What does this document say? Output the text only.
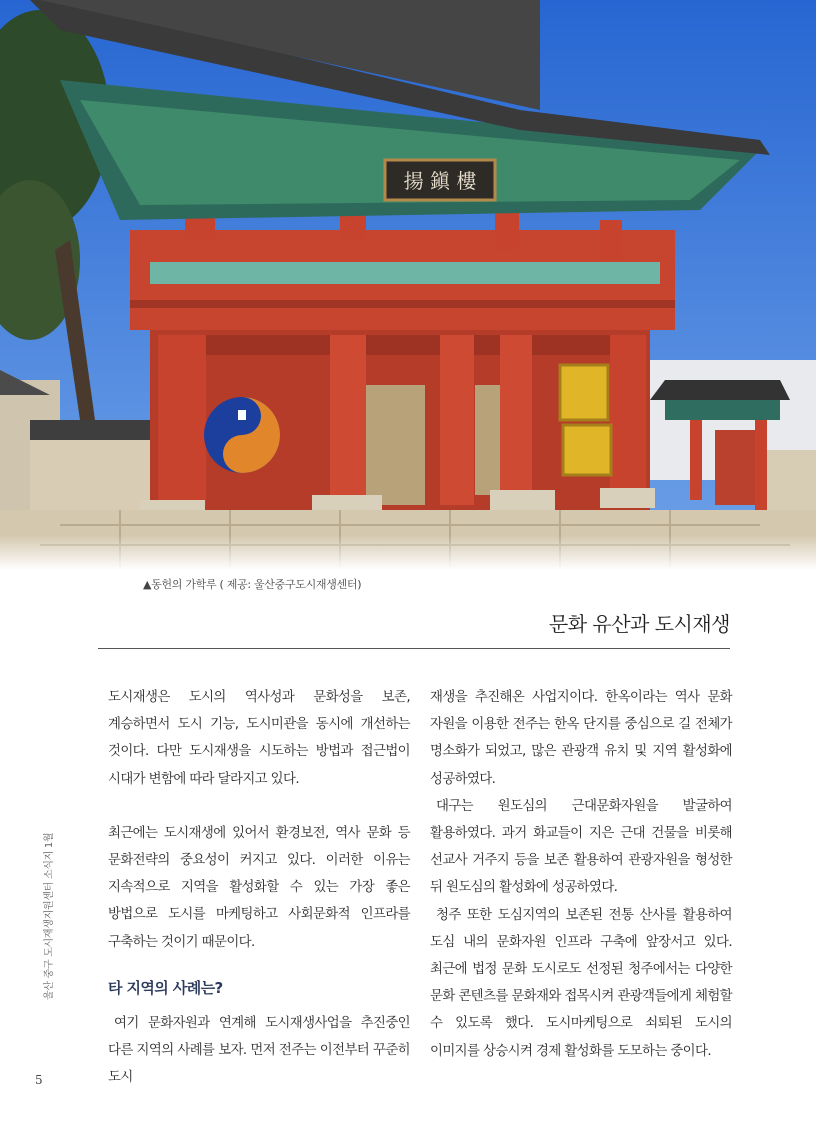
揚 鎭 樓
▲동헌의 가학루 ( 제공: 울산중구도시재생센터)
문화 유산과 도시재생

도시재생은 도시의 역사성과 문화성을 보존, 계승하면서 도시 기능, 도시미관을 동시에 개선하는 것이다. 다만 도시재생을 시도하는 방법과 접근법이 시대가 변함에 따라 달라지고 있다.

최근에는 도시재생에 있어서 환경보전, 역사 문화 등 문화전략의 중요성이 커지고 있다. 이러한 이유는 지속적으로 지역을 활성화할 수 있는 가장 좋은 방법으로 도시를 마케팅하고 사회문화적 인프라를 구축하는 것이기 때문이다.

타 지역의 사례는?

여기 문화자원과 연계해 도시재생사업을 추진중인 다른 지역의 사례를 보자. 먼저 전주는 이전부터 꾸준히 도시

재생을 추진해온 사업지이다. 한옥이라는 역사 문화 자원을 이용한 전주는 한옥 단지를 중심으로 길 전체가 명소화가 되었고, 많은 관광객 유치 및 지역 활성화에 성공하였다.

대구는 원도심의 근대문화자원을 발굴하여 활용하였다. 과거 화교들이 지은 근대 건물을 비롯해 선교사 거주지 등을 보존 활용하여 관광자원을 형성한 뒤 원도심의 활성화에 성공하였다.

청주 또한 도심지역의 보존된 전통 산사를 활용하여 도심 내의 문화자원 인프라 구축에 앞장서고 있다. 최근에 법정 문화 도시로도 선정된 청주에서는 다양한 문화 콘텐츠를 문화재와 접목시켜 관광객들에게 체험할 수 있도록 했다. 도시마케팅으로 쇠퇴된 도시의 이미지를 상승시켜 경제 활성화를 도모하는 중이다.

울산 중구 도시재생지원센터 소식지 1월
5
